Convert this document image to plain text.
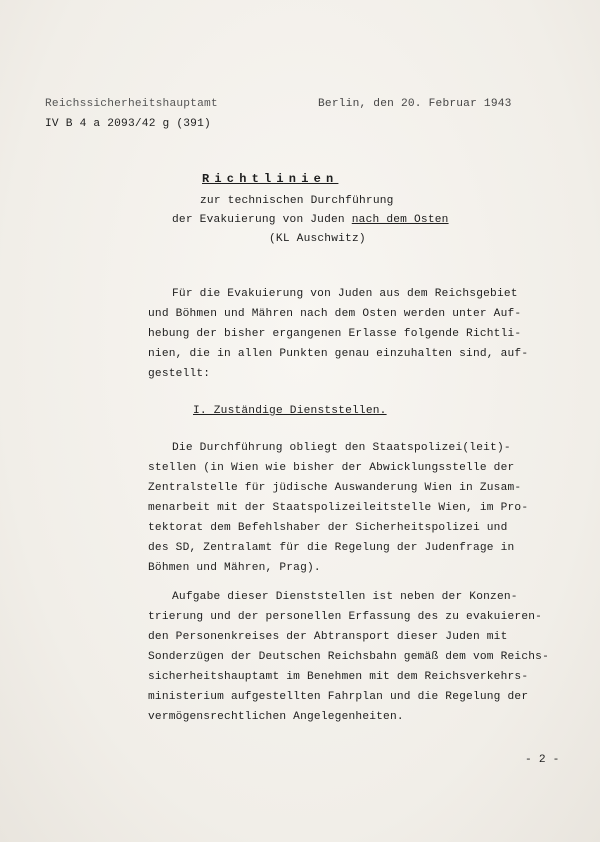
Reichssicherheitshauptamt
IV B 4 a 2093/42 g (391)
Berlin, den 20. Februar 1943
Richtlinien
zur technischen Durchführung
der Evakuierung von Juden nach dem Osten
(KL Auschwitz)
Für die Evakuierung von Juden aus dem Reichsgebiet
und Böhmen und Mähren nach dem Osten werden unter Auf-
hebung der bisher ergangenen Erlasse folgende Richtli-
nien, die in allen Punkten genau einzuhalten sind, auf-
gestellt:
I. Zuständige Dienststellen.
Die Durchführung obliegt den Staatspolizei(leit)-
stellen (in Wien wie bisher der Abwicklungsstelle der
Zentralstelle für jüdische Auswanderung Wien in Zusam-
menarbeit mit der Staatspolizeileitstelle Wien, im Pro-
tektorat dem Befehlshaber der Sicherheitspolizei und
des SD, Zentralamt für die Regelung der Judenfrage in
Böhmen und Mähren, Prag).
Aufgabe dieser Dienststellen ist neben der Konzen-
trierung und der personellen Erfassung des zu evakuieren-
den Personenkreises der Abtransport dieser Juden mit
Sonderzügen der Deutschen Reichsbahn gemäß dem vom Reichs-
sicherheitshauptamt im Benehmen mit dem Reichsverkehrs-
ministerium aufgestellten Fahrplan und die Regelung der
vermögensrechtlichen Angelegenheiten.
- 2 -
